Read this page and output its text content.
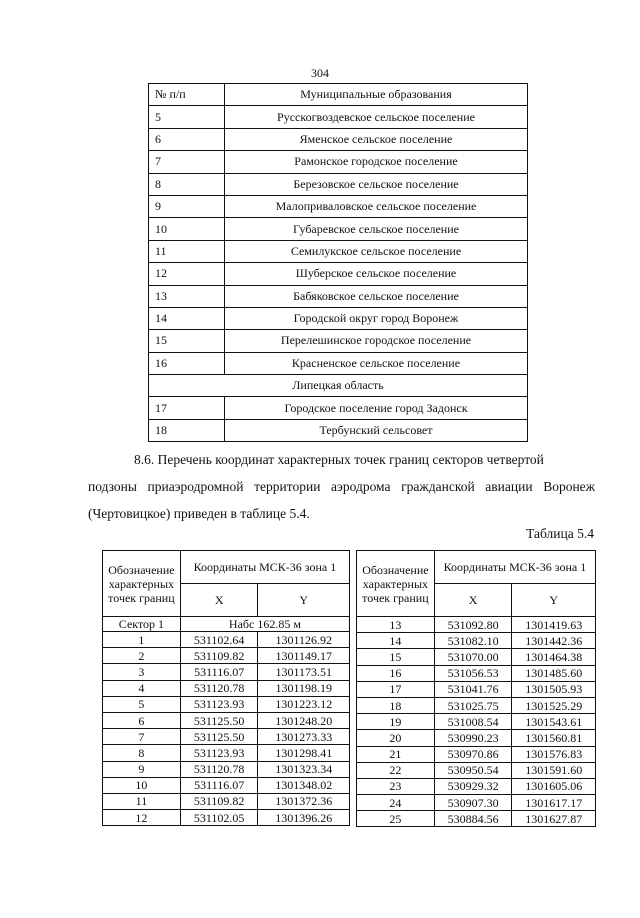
304
№ п/п	Муниципальные образования
5	Русскогвоздевское сельское поселение
6	Яменское сельское поселение
7	Рамонское городское поселение
8	Березовское сельское поселение
9	Малоприваловское сельское поселение
10	Губаревское сельское поселение
11	Семилукское сельское поселение
12	Шуберское сельское поселение
13	Бабяковское сельское поселение
14	Городской округ город Воронеж
15	Перелешинское городское поселение
16	Красненское сельское поселение
Липецкая область	
17	Городское поселение город Задонск
18	Тербунский сельсовет

8.6. Перечень координат характерных точек границ секторов четвертой

подзоны приаэродромной территории аэродрома гражданской авиации Воронеж

(Чертовицкое) приведен в таблице 5.4.

Таблица 5.4
Обозначение характерных точек границ	Координаты МСК-36 зона 1	
	X	Y
Сектор 1	Набс 162.85 м	
1	531102.64	1301126.92
2	531109.82	1301149.17
3	531116.07	1301173.51
4	531120.78	1301198.19
5	531123.93	1301223.12
6	531125.50	1301248.20
7	531125.50	1301273.33
8	531123.93	1301298.41
9	531120.78	1301323.34
10	531116.07	1301348.02
11	531109.82	1301372.36
12	531102.05	1301396.26
Обозначение характерных точек границ	Координаты МСК-36 зона 1	
	X	Y
13	531092.80	1301419.63
14	531082.10	1301442.36
15	531070.00	1301464.38
16	531056.53	1301485.60
17	531041.76	1301505.93
18	531025.75	1301525.29
19	531008.54	1301543.61
20	530990.23	1301560.81
21	530970.86	1301576.83
22	530950.54	1301591.60
23	530929.32	1301605.06
24	530907.30	1301617.17
25	530884.56	1301627.87
